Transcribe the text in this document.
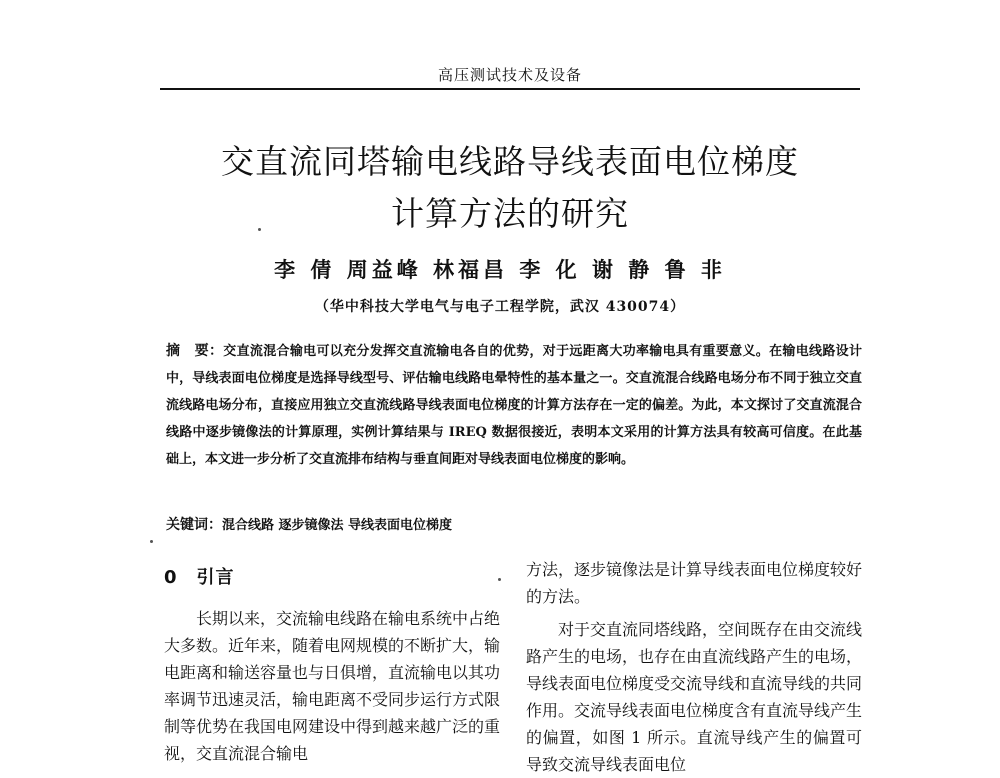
高压测试技术及设备
交直流同塔输电线路导线表面电位梯度
计算方法的研究
李 倩 周益峰 林福昌 李 化 谢 静 鲁 非
（华中科技大学电气与电子工程学院，武汉 430074）
摘　要：交直流混合输电可以充分发挥交直流输电各自的优势，对于远距离大功率输电具有重要意义。在输电线路设计中，导线表面电位梯度是选择导线型号、评估输电线路电晕特性的基本量之一。交直流混合线路电场分布不同于独立交直流线路电场分布，直接应用独立交直流线路导线表面电位梯度的计算方法存在一定的偏差。为此，本文探讨了交直流混合线路中逐步镜像法的计算原理，实例计算结果与 IREQ 数据很接近，表明本文采用的计算方法具有较高可信度。在此基础上，本文进一步分析了交直流排布结构与垂直间距对导线表面电位梯度的影响。
关键词：混合线路 逐步镜像法 导线表面电位梯度
0　引言

长期以来，交流输电线路在输电系统中占绝大多数。近年来，随着电网规模的不断扩大，输电距离和输送容量也与日俱增，直流输电以其功率调节迅速灵活，输电距离不受同步运行方式限制等优势在我国电网建设中得到越来越广泛的重视，交直流混合输电

方法，逐步镜像法是计算导线表面电位梯度较好的方法。

对于交直流同塔线路，空间既存在由交流线路产生的电场，也存在由直流线路产生的电场，导线表面电位梯度受交流导线和直流导线的共同作用。交流导线表面电位梯度含有直流导线产生的偏置，如图 1 所示。直流导线产生的偏置可导致交流导线表面电位
